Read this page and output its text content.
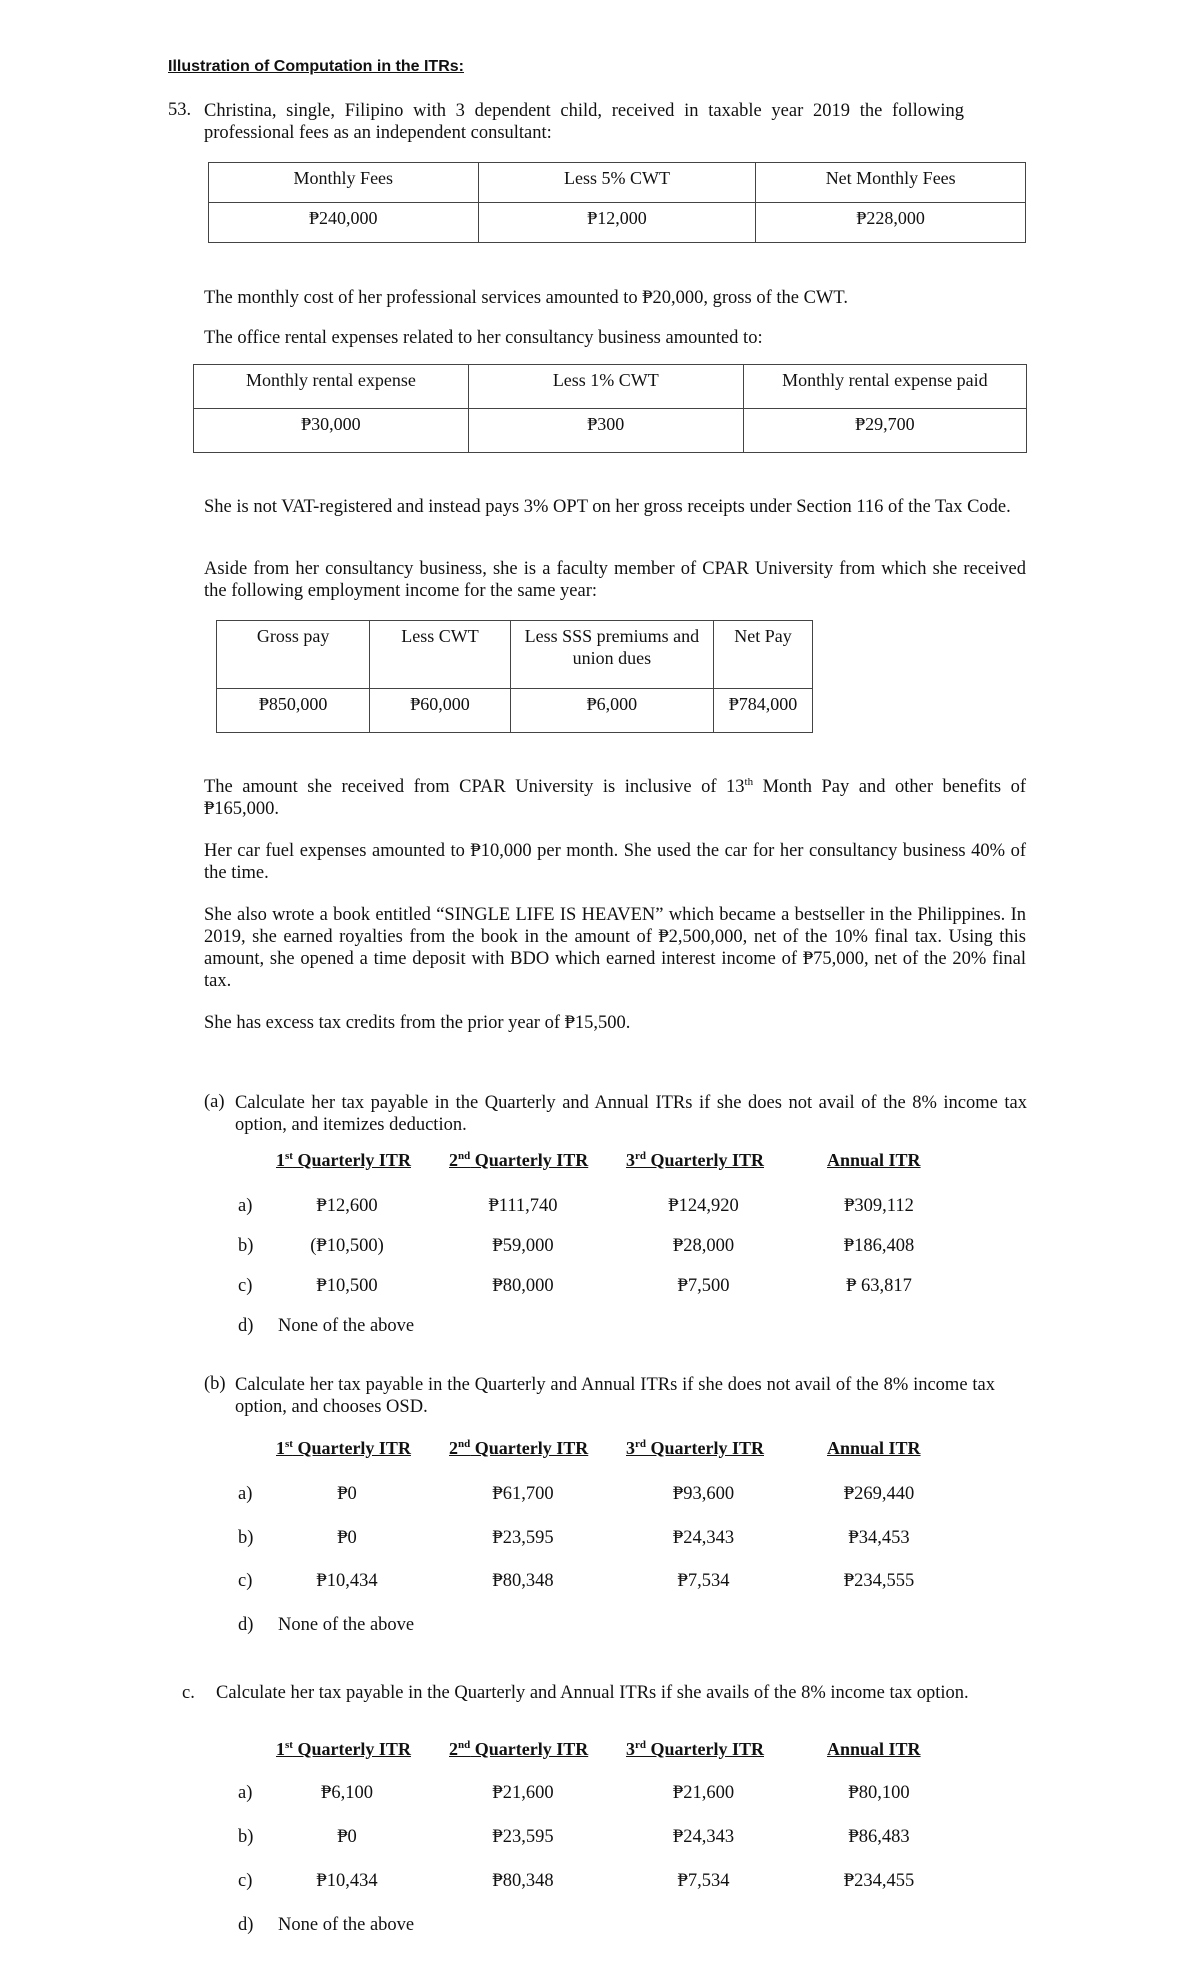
Illustration of Computation in the ITRs:
53. Christina, single, Filipino with 3 dependent child, received in taxable year 2019 the following professional fees as an independent consultant:
Monthly Fees	Less 5% CWT	Net Monthly Fees
₱240,000	₱12,000	₱228,000
The monthly cost of her professional services amounted to ₱20,000, gross of the CWT.
The office rental expenses related to her consultancy business amounted to:
Monthly rental expense	Less 1% CWT	Monthly rental expense paid
₱30,000	₱300	₱29,700
She is not VAT-registered and instead pays 3% OPT on her gross receipts under Section 116 of the Tax Code.
Aside from her consultancy business, she is a faculty member of CPAR University from which she received the following employment income for the same year:
Gross pay	Less CWT	Less SSS premiums and union dues	Net Pay
₱850,000	₱60,000	₱6,000	₱784,000
The amount she received from CPAR University is inclusive of 13th Month Pay and other benefits of ₱165,000.
Her car fuel expenses amounted to ₱10,000 per month. She used the car for her consultancy business 40% of the time.
She also wrote a book entitled “SINGLE LIFE IS HEAVEN” which became a bestseller in the Philippines. In 2019, she earned royalties from the book in the amount of ₱2,500,000, net of the 10% final tax. Using this amount, she opened a time deposit with BDO which earned interest income of ₱75,000, net of the 20% final tax.
She has excess tax credits from the prior year of ₱15,500.
(a) Calculate her tax payable in the Quarterly and Annual ITRs if she does not avail of the 8% income tax option, and itemizes deduction.
1st Quarterly ITR 2nd Quarterly ITR 3rd Quarterly ITR	Annual ITR
a)	₱12,600	₱111,740	₱124,920	₱309,112
b)	(₱10,500)	₱59,000	₱28,000	₱186,408
c)	₱10,500	₱80,000	₱7,500	₱ 63,817
d) None of the above
(b) Calculate her tax payable in the Quarterly and Annual ITRs if she does not avail of the 8% income tax option, and chooses OSD.
1st Quarterly ITR 2nd Quarterly ITR 3rd Quarterly ITR	Annual ITR
a)	₱0	₱61,700	₱93,600	₱269,440
b)	₱0	₱23,595	₱24,343	₱34,453
c)	₱10,434	₱80,348	₱7,534	₱234,555
d) None of the above
c. Calculate her tax payable in the Quarterly and Annual ITRs if she avails of the 8% income tax option.
1st Quarterly ITR 2nd Quarterly ITR 3rd Quarterly ITR	Annual ITR
a)	₱6,100	₱21,600	₱21,600	₱80,100
b)	₱0	₱23,595	₱24,343	₱86,483
c)	₱10,434	₱80,348	₱7,534	₱234,455
d) None of the above
